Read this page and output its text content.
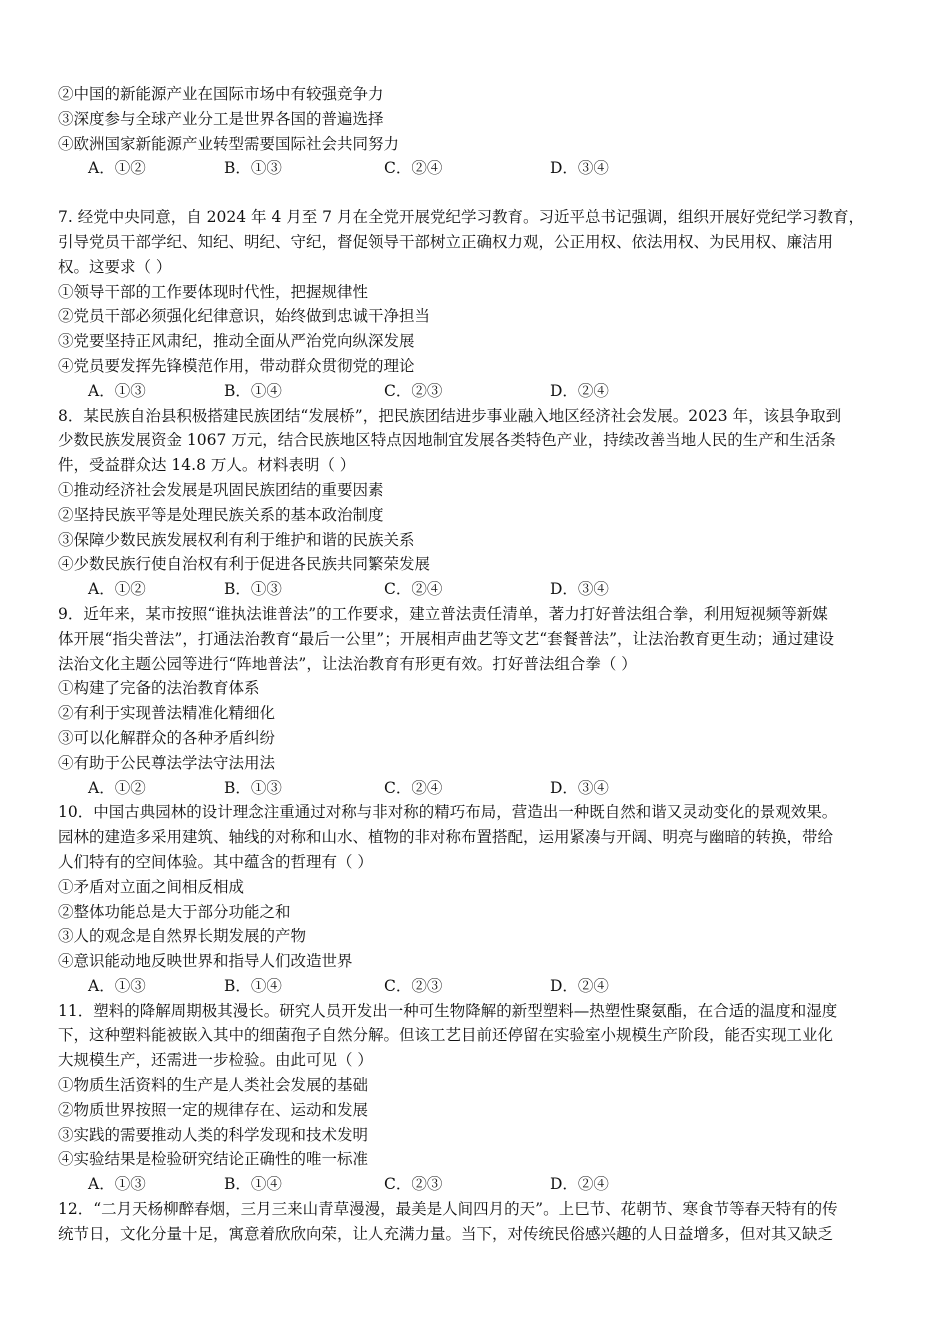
②中国的新能源产业在国际市场中有较强竞争力
③深度参与全球产业分工是世界各国的普遍选择
④欧洲国家新能源产业转型需要国际社会共同努力
A．①②	B．①③	C．②④	D．③④
7. 经党中央同意，自 2024 年 4 月至 7 月在全党开展党纪学习教育。习近平总书记强调，组织开展好党纪学习教育，
引导党员干部学纪、知纪、明纪、守纪，督促领导干部树立正确权力观，公正用权、依法用权、为民用权、廉洁用
权。这要求（ ）
①领导干部的工作要体现时代性，把握规律性
②党员干部必须强化纪律意识，始终做到忠诚干净担当
③党要坚持正风肃纪，推动全面从严治党向纵深发展
④党员要发挥先锋模范作用，带动群众贯彻党的理论
A．①③	B．①④	C．②③	D．②④
8．某民族自治县积极搭建民族团结“发展桥”，把民族团结进步事业融入地区经济社会发展。2023 年，该县争取到
少数民族发展资金 1067 万元，结合民族地区特点因地制宜发展各类特色产业，持续改善当地人民的生产和生活条
件，受益群众达 14.8 万人。材料表明（ ）
①推动经济社会发展是巩固民族团结的重要因素
②坚持民族平等是处理民族关系的基本政治制度
③保障少数民族发展权利有利于维护和谐的民族关系
④少数民族行使自治权有利于促进各民族共同繁荣发展
A．①②	B．①③	C．②④	D．③④
9．近年来，某市按照“谁执法谁普法”的工作要求，建立普法责任清单，著力打好普法组合拳，利用短视频等新媒
体开展“指尖普法”，打通法治教育“最后一公里”；开展相声曲艺等文艺“套餐普法”，让法治教育更生动；通过建设
法治文化主题公园等进行“阵地普法”，让法治教育有形更有效。打好普法组合拳（ ）
①构建了完备的法治教育体系
②有利于实现普法精准化精细化
③可以化解群众的各种矛盾纠纷
④有助于公民尊法学法守法用法
A．①②	B．①③	C．②④	D．③④
10．中国古典园林的设计理念注重通过对称与非对称的精巧布局，营造出一种既自然和谐又灵动变化的景观效果。
园林的建造多采用建筑、轴线的对称和山水、植物的非对称布置搭配，运用紧凑与开阔、明亮与幽暗的转换，带给
人们特有的空间体验。其中蕴含的哲理有（ ）
①矛盾对立面之间相反相成
②整体功能总是大于部分功能之和
③人的观念是自然界长期发展的产物
④意识能动地反映世界和指导人们改造世界
A．①③	B．①④	C．②③	D．②④
11．塑料的降解周期极其漫长。研究人员开发出一种可生物降解的新型塑料—热塑性聚氨酯，在合适的温度和湿度
下，这种塑料能被嵌入其中的细菌孢子自然分解。但该工艺目前还停留在实验室小规模生产阶段，能否实现工业化
大规模生产，还需进一步检验。由此可见（ ）
①物质生活资料的生产是人类社会发展的基础
②物质世界按照一定的规律存在、运动和发展
③实践的需要推动人类的科学发现和技术发明
④实验结果是检验研究结论正确性的唯一标准
A．①③	B．①④	C．②③	D．②④
12．“二月天杨柳醉春烟，三月三来山青草漫漫，最美是人间四月的天”。上巳节、花朝节、寒食节等春天特有的传
统节日，文化分量十足，寓意着欣欣向荣，让人充满力量。当下，对传统民俗感兴趣的人日益增多，但对其又缺乏
